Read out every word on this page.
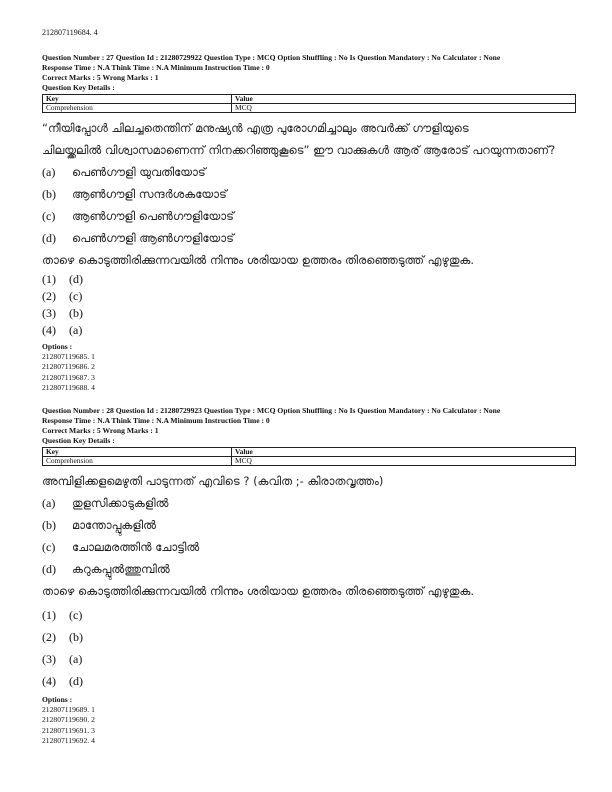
212807119684. 4
Question Number : 27 Question Id : 21280729922 Question Type : MCQ Option Shuffling : No Is Question Mandatory : No Calculator : None
Response Time : N.A Think Time : N.A Minimum Instruction Time : 0
Correct Marks : 5 Wrong Marks : 1
Question Key Details :
Key	Value
Comprehension	MCQ
“നീയിപ്പോൾ ചിലച്ചതെന്തിന് മനുഷ്യൻ എത്ര പുരോഗമിച്ചാലും അവർക്ക് ഗൗളിയുടെ
ചിലയ്ക്കലിൽ വിശ്വാസമാണെന്ന് നിനക്കറിഞ്ഞുകൂടെ” ഈ വാക്കുകൾ ആര് ആരോട് പറയുന്നതാണ്?
(a)	പെൺഗൗളി യുവതിയോട്
(b)	ആൺഗൗളി സന്ദർശകയോട്
(c)	ആൺഗൗളി പെൺഗൗളിയോട്
(d)	പെൺഗൗളി ആൺഗൗളിയോട്
താഴെ കൊടുത്തിരിക്കുന്നവയിൽ നിന്നും ശരിയായ ഉത്തരം തിരഞ്ഞെടുത്ത് എഴുതുക.
(1)	(d)
(2)	(c)
(3)	(b)
(4)	(a)
Options :
212807119685. 1
212807119686. 2
212807119687. 3
212807119688. 4
Question Number : 28 Question Id : 21280729923 Question Type : MCQ Option Shuffling : No Is Question Mandatory : No Calculator : None
Response Time : N.A Think Time : N.A Minimum Instruction Time : 0
Correct Marks : 5 Wrong Marks : 1
Question Key Details :
Key	Value
Comprehension	MCQ
അമ്പിളിക്കളമെഴുതി പാടുന്നത് എവിടെ ? (കവിത ;- കിരാതവൃത്തം)
(a)	തുളസിക്കാടുകളിൽ
(b)	മാന്തോപ്പുകളിൽ
(c)	ചോലമരത്തിൻ ചോട്ടിൽ
(d)	കറുകപ്പുൽത്തുമ്പിൽ
താഴെ കൊടുത്തിരിക്കുന്നവയിൽ നിന്നും ശരിയായ ഉത്തരം തിരഞ്ഞെടുത്ത് എഴുതുക.
(1)	(c)
(2)	(b)
(3)	(a)
(4)	(d)
Options :
212807119689. 1
212807119690. 2
212807119691. 3
212807119692. 4
